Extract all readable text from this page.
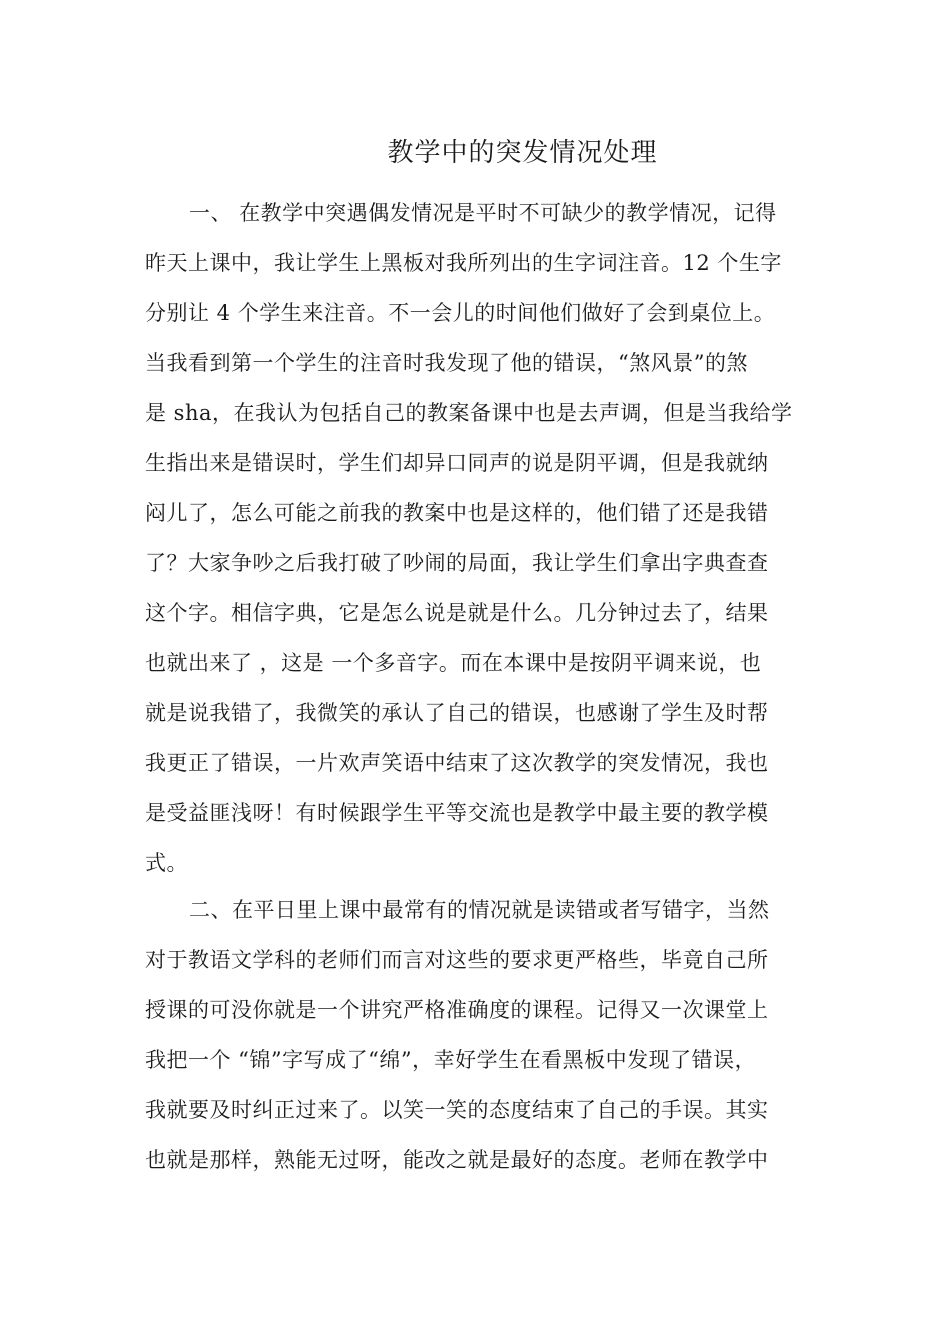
教学中的突发情况处理
一、 在教学中突遇偶发情况是平时不可缺少的教学情况，记得
昨天上课中，我让学生上黑板对我所列出的生字词注音。12 个生字
分别让 4 个学生来注音。不一会儿的时间他们做好了会到桌位上。
当我看到第一个学生的注音时我发现了他的错误，“煞风景”的煞
是 sha，在我认为包括自己的教案备课中也是去声调，但是当我给学
生指出来是错误时，学生们却异口同声的说是阴平调，但是我就纳
闷儿了，怎么可能之前我的教案中也是这样的，他们错了还是我错
了？大家争吵之后我打破了吵闹的局面，我让学生们拿出字典查查
这个字。相信字典，它是怎么说是就是什么。几分钟过去了，结果
也就出来了 ，这是 一个多音字。而在本课中是按阴平调来说，也
就是说我错了，我微笑的承认了自己的错误，也感谢了学生及时帮
我更正了错误，一片欢声笑语中结束了这次教学的突发情况，我也
是受益匪浅呀！有时候跟学生平等交流也是教学中最主要的教学模
式。
二、在平日里上课中最常有的情况就是读错或者写错字，当然
对于教语文学科的老师们而言对这些的要求更严格些，毕竟自己所
授课的可没你就是一个讲究严格准确度的课程。记得又一次课堂上
我把一个 “锦”字写成了“绵”，幸好学生在看黑板中发现了错误，
我就要及时纠正过来了。以笑一笑的态度结束了自己的手误。其实
也就是那样，熟能无过呀，能改之就是最好的态度。老师在教学中
